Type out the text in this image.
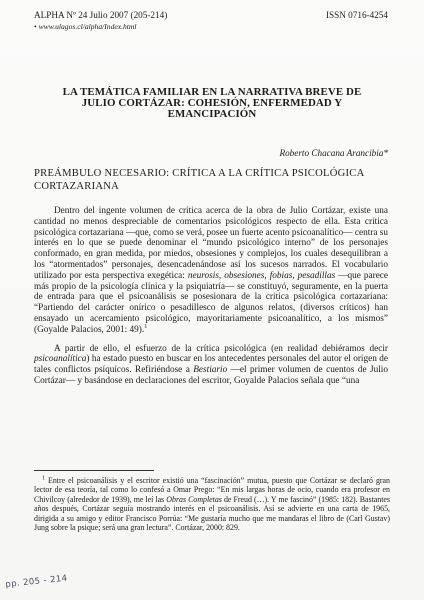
ALPHA Nº 24 Julio 2007 (205-214)
• www.ulagos.cl/alpha/Index.html
ISSN 0716-4254
LA TEMÁTICA FAMILIAR EN LA NARRATIVA BREVE DE
JULIO CORTÁZAR: COHESIÓN, ENFERMEDAD Y
EMANCIPACIÓN
Roberto Chacana Arancibia*
PREÁMBULO NECESARIO: CRÍTICA A LA CRÍTICA PSICOLÓGICA
CORTAZARIANA

Dentro del ingente volumen de crítica acerca de la obra de Julio Cortázar, existe una cantidad no menos despreciable de comentarios psicológicos respecto de ella. Esta crítica psicológica cortazariana —que, como se verá, posee un fuerte acento psicoanalítico— centra su interés en lo que se puede denominar el “mundo psicológico interno” de los personajes conformado, en gran medida, por miedos, obsesiones y complejos, los cuales desequilibran a los “atormentados” personajes, desencadenándose así los sucesos narrados. El vocabulario utilizado por esta perspectiva exegética: neurosis, obsesiones, fobias, pesadillas —que parece más propio de la psicología clínica y la psiquiatría— se constituyó, seguramente, en la puerta de entrada para que el psicoanálisis se posesionara de la crítica psicológica cortazariana: “Partiendo del carácter onírico o pesadillesco de algunos relatos, (diversos críticos) han ensayado un acercamiento psicológico, mayoritariamente psicoanalítico, a los mismos” (Goyalde Palacios, 2001: 49).$^1$

A partir de ello, el esfuerzo de la crítica psicológica (en realidad debiéramos decir psicoanalítica) ha estado puesto en buscar en los antecedentes personales del autor el origen de tales conflictos psíquicos. Refiriéndose a Bestiario —el primer volumen de cuentos de Julio Cortázar— y basándose en declaraciones del escritor, Goyalde Palacios señala que “una

$^1$ Entre el psicoanálisis y el escritor existió una “fascinación” mutua, puesto que Cortázar se declaró gran lector de esa teoría, tal como lo confesó a Omar Prego: “En mis largas horas de ocio, cuando era profesor en Chivilcoy (alrededor de 1939), me leí las Obras Completas de Freud (…). Y me fascinó” (1985: 182). Bastantes años después, Cortázar seguía mostrando interés en el psicoanálisis. Así se advierte en una carta de 1965, dirigida a su amigo y editor Francisco Porrúa: “Me gustaría mucho que me mandaras el libro de (Carl Gustav) Jung sobre la psique; será una gran lectura”. Cortázar, 2000: 829.

pp. 205 - 214
